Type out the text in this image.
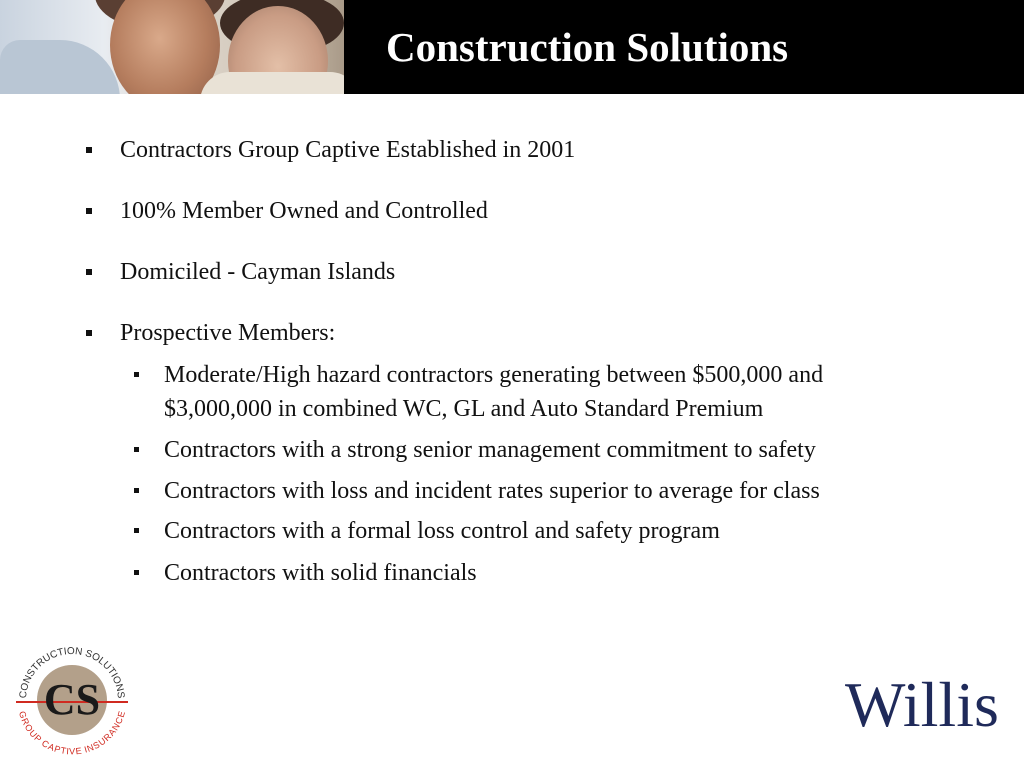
Construction Solutions
Contractors Group Captive Established in 2001
100% Member Owned and Controlled
Domiciled - Cayman Islands
Prospective Members:
Moderate/High hazard contractors generating between $500,000 and
$3,000,000 in combined WC, GL and Auto Standard Premium
Contractors with a strong senior management commitment to safety
Contractors with loss and incident rates superior to average for class
Contractors with a formal loss control and safety program
Contractors with solid financials
CS
CONSTRUCTION SOLUTIONS
GROUP CAPTIVE INSURANCE	Willis
